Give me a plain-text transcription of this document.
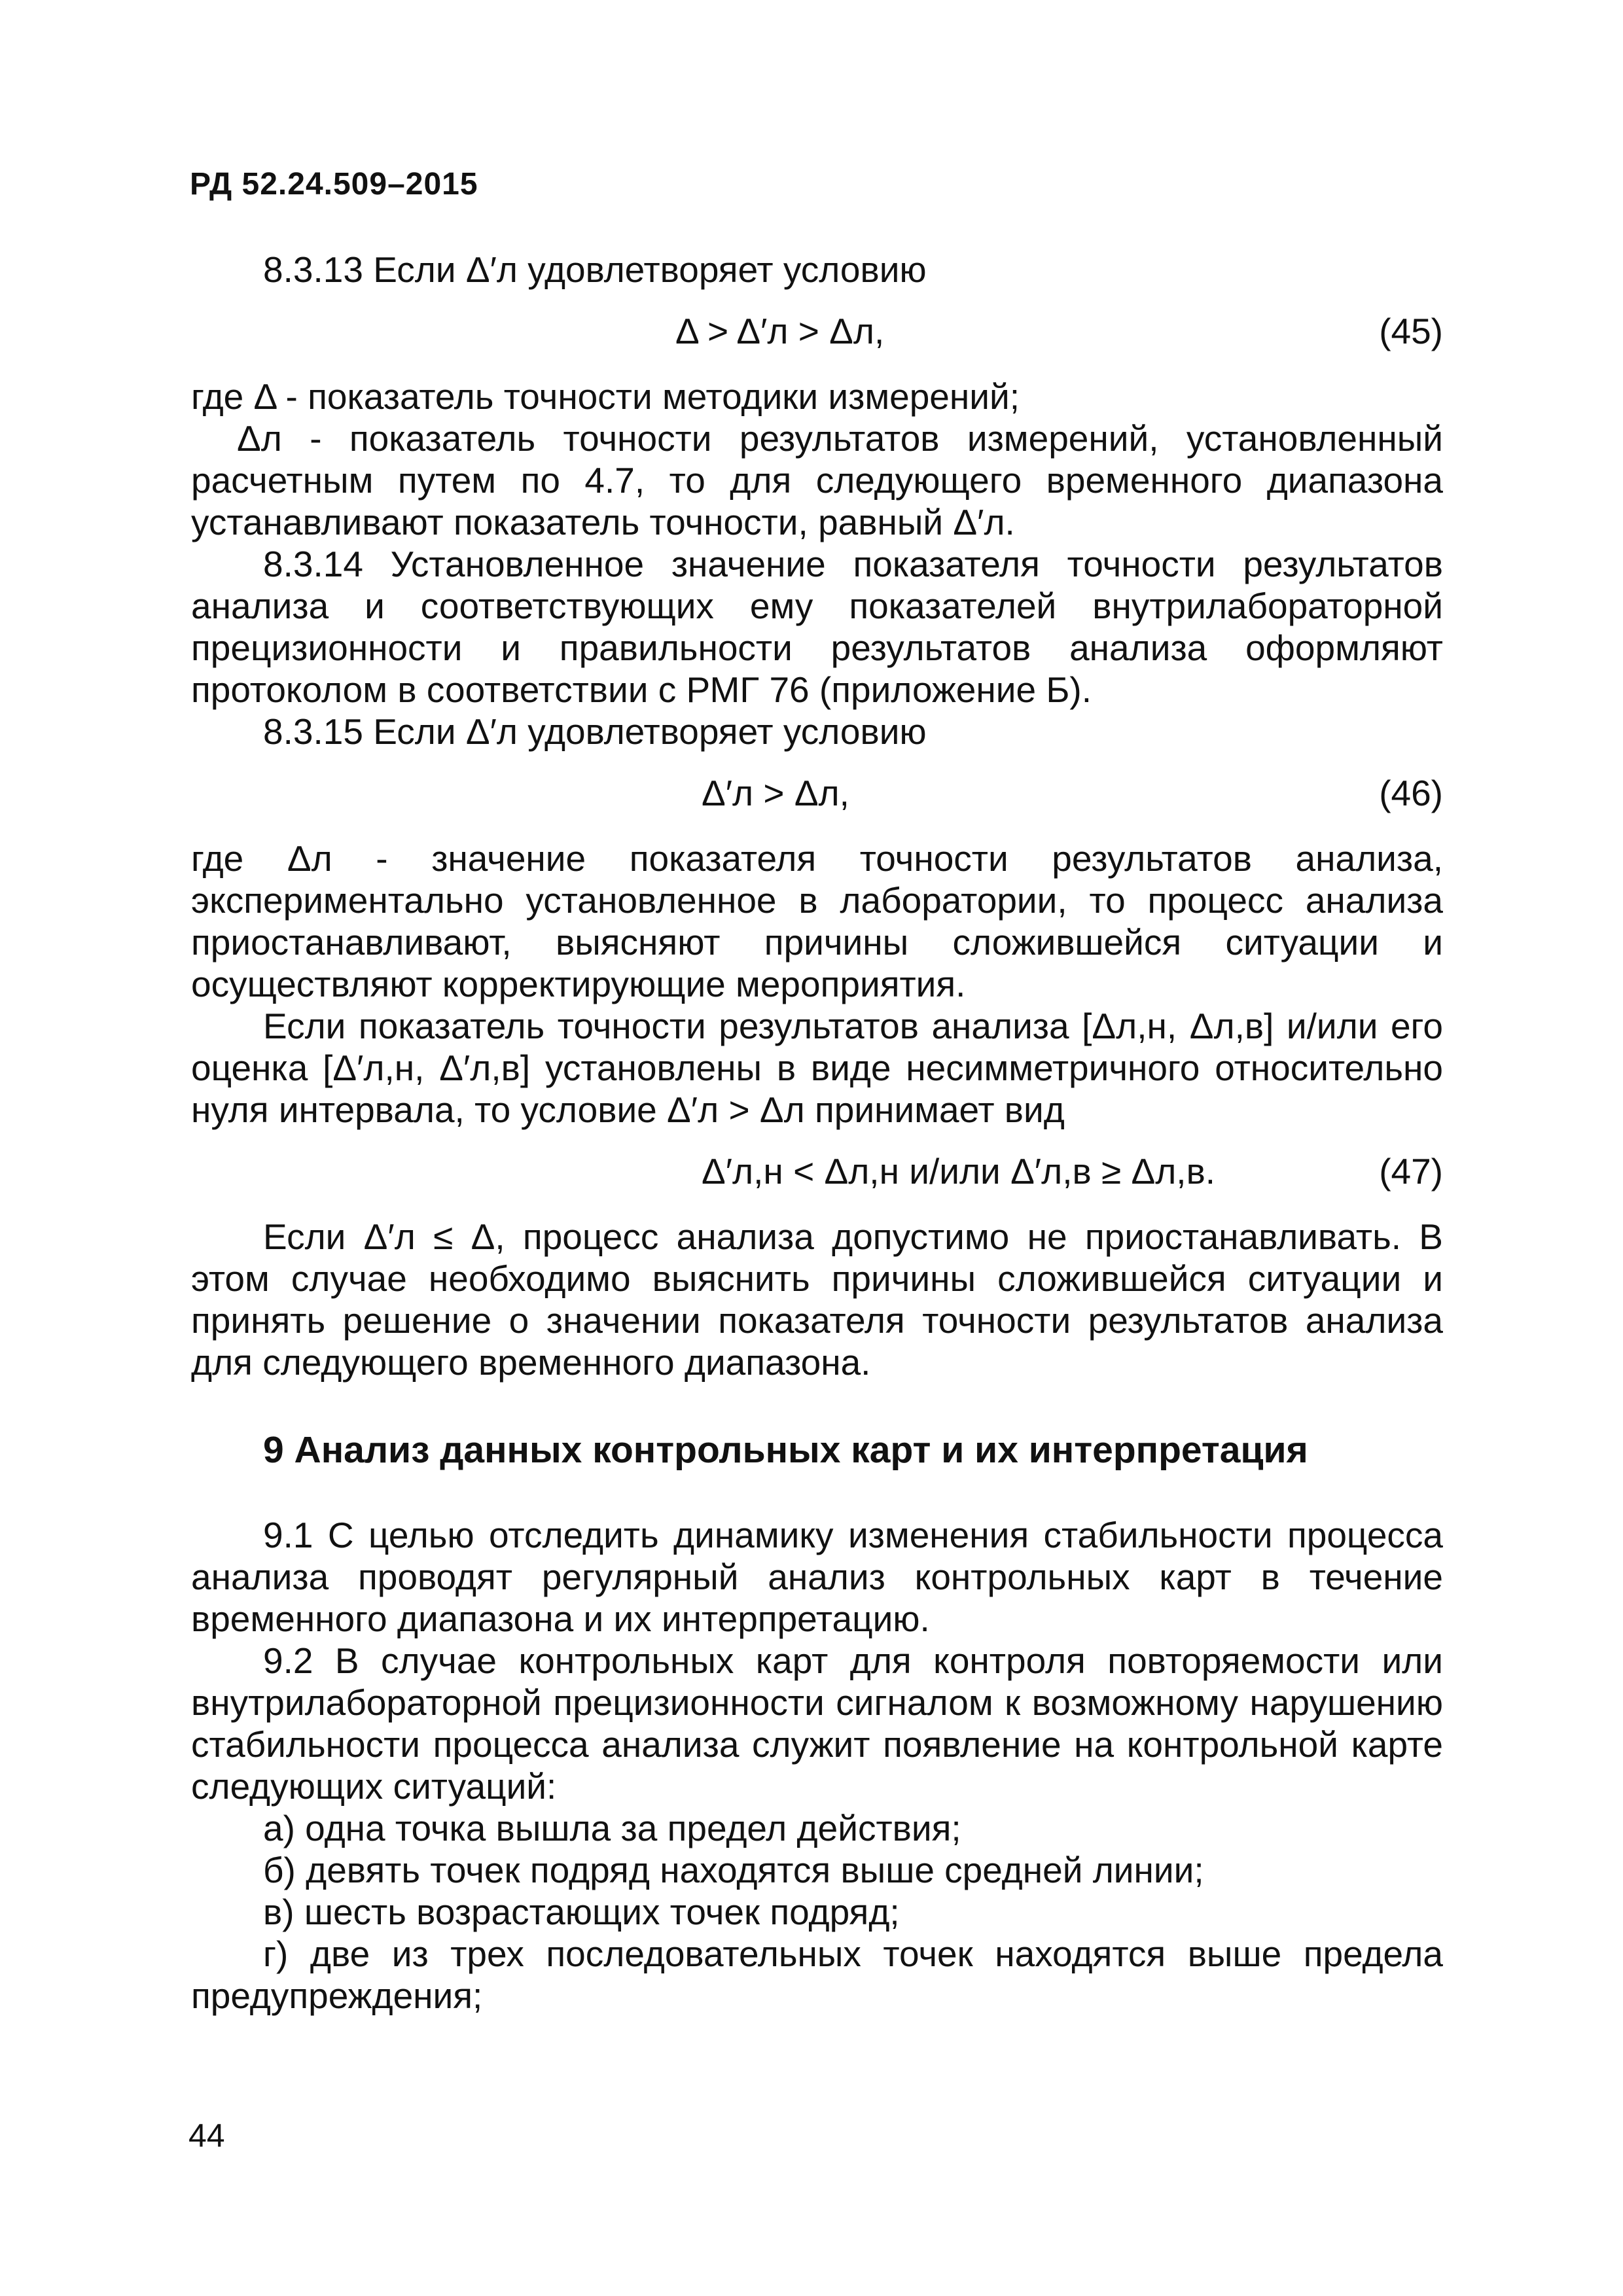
РД 52.24.509–2015

8.3.13 Если Δ′л удовлетворяет условию

Δ > Δ′л > Δл,	(45)

где Δ - показатель точности методики измерений;

Δл - показатель точности результатов измерений, установленный расчетным путем по 4.7, то для следующего временного диапазона устанавливают показатель точности, равный Δ′л.

8.3.14 Установленное значение показателя точности результатов анализа и соответствующих ему показателей внутрилабораторной прецизионности и правильности результатов анализа оформляют протоколом в соответствии с РМГ 76 (приложение Б).

8.3.15 Если Δ′л удовлетворяет условию

Δ′л > Δл,	(46)

где Δл - значение показателя точности результатов анализа, экспериментально установленное в лаборатории, то процесс анализа приостанавливают, выясняют причины сложившейся ситуации и осуществляют корректирующие мероприятия.

Если показатель точности результатов анализа [Δл,н, Δл,в] и/или его оценка [Δ′л,н, Δ′л,в] установлены в виде несимметричного относительно нуля интервала, то условие Δ′л > Δл принимает вид

Δ′л,н < Δл,н и/или Δ′л,в ≥ Δл,в.	(47)

Если Δ′л ≤ Δ, процесс анализа допустимо не приостанавливать. В этом случае необходимо выяснить причины сложившейся ситуации и принять решение о значении показателя точности результатов анализа для следующего временного диапазона.

9 Анализ данных контрольных карт и их интерпретация

9.1 С целью отследить динамику изменения стабильности процесса анализа проводят регулярный анализ контрольных карт в течение временного диапазона и их интерпретацию.

9.2 В случае контрольных карт для контроля повторяемости или внутрилабораторной прецизионности сигналом к возможному нарушению стабильности процесса анализа служит появление на контрольной карте следующих ситуаций:

а) одна точка вышла за предел действия;

б) девять точек подряд находятся выше средней линии;

в) шесть возрастающих точек подряд;

г) две из трех последовательных точек находятся выше предела предупреждения;

44
